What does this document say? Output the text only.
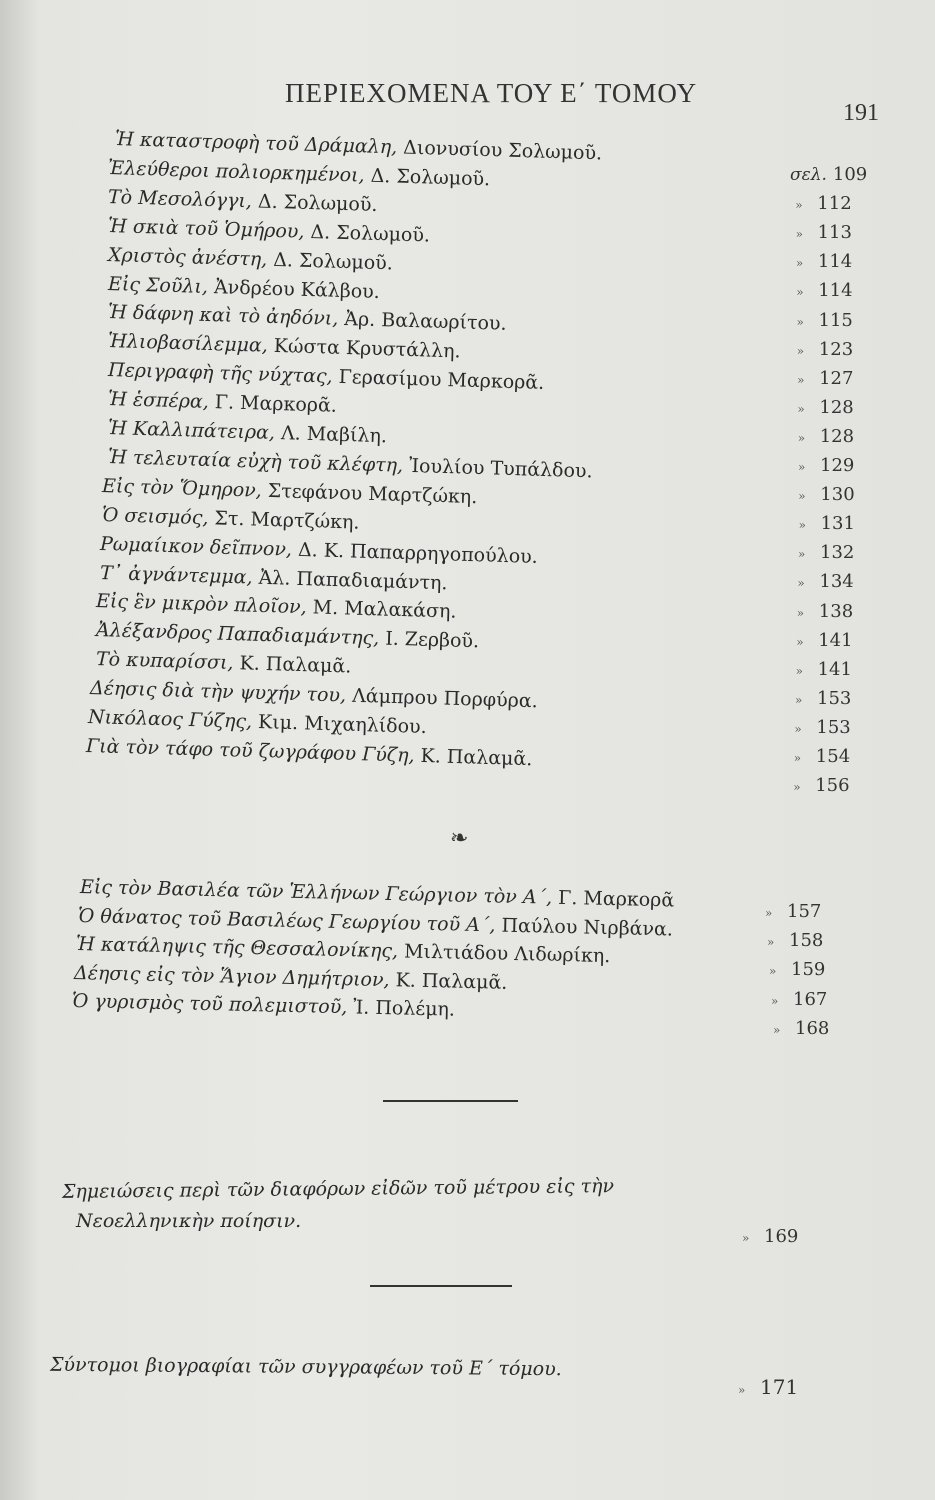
ΠΕΡΙΕΧΟΜΕΝΑ ΤΟΥ Ε΄ ΤΟΜΟΥ
191
Ἡ καταστροφὴ τοῦ Δράμαλη, Διονυσίου Σολωμοῦ.
σελ. 109
Ἐλεύθεροι πολιορκημένοι, Δ. Σολωμοῦ.
» 112
Τὸ Μεσολόγγι, Δ. Σολωμοῦ.
» 113
Ἡ σκιὰ τοῦ Ὁμήρου, Δ. Σολωμοῦ.
» 114
Χριστὸς ἀνέστη, Δ. Σολωμοῦ.
» 114
Εἰς Σοῦλι, Ἀνδρέου Κάλβου.
» 115
Ἡ δάφνη καὶ τὸ ἀηδόνι, Ἀρ. Βαλαωρίτου.
» 123
Ἡλιοβασίλεμμα, Κώστα Κρυστάλλη.
» 127
Περιγραφὴ τῆς νύχτας, Γερασίμου Μαρκορᾶ.
» 128
Ἡ ἑσπέρα, Γ. Μαρκορᾶ.
» 128
Ἡ Καλλιπάτειρα, Λ. Μαβίλη.
» 129
Ἡ τελευταία εὐχὴ τοῦ κλέφτη, Ἰουλίου Τυπάλδου.
» 130
Εἰς τὸν Ὅμηρον, Στεφάνου Μαρτζώκη.
» 131
Ὁ σεισμός, Στ. Μαρτζώκη.
» 132
Ρωμαίικον δεῖπνον, Δ. Κ. Παπαρρηγοπούλου.
» 134
Τ᾽ ἀγνάντεμμα, Ἀλ. Παπαδιαμάντη.
» 138
Εἰς ἓν μικρὸν πλοῖον, Μ. Μαλακάση.
» 141
Ἀλέξανδρος Παπαδιαμάντης, Ι. Ζερβοῦ.
» 141
Τὸ κυπαρίσσι, Κ. Παλαμᾶ.
» 153
Δέησις διὰ τὴν ψυχήν του, Λάμπρου Πορφύρα.
» 153
Νικόλαος Γύζης, Κιμ. Μιχαηλίδου.
» 154
Γιὰ τὸν τάφο τοῦ ζωγράφου Γύζη, Κ. Παλαμᾶ.
» 156
Εἰς τὸν Βασιλέα τῶν Ἑλλήνων Γεώργιον τὸν Α΄, Γ. Μαρκορᾶ
» 157
Ὁ θάνατος τοῦ Βασιλέως Γεωργίου τοῦ Α΄, Παύλου Νιρβάνα.
» 158
Ἡ κατάληψις τῆς Θεσσαλονίκης, Μιλτιάδου Λιδωρίκη.
» 159
Δέησις εἰς τὸν Ἅγιον Δημήτριον, Κ. Παλαμᾶ.
» 167
Ὁ γυρισμὸς τοῦ πολεμιστοῦ, Ἰ. Πολέμη.
» 168
❧
Σημειώσεις περὶ τῶν διαφόρων εἰδῶν τοῦ μέτρου εἰς τὴν
Νεοελληνικὴν ποίησιν.
» 169
Σύντομοι βιογραφίαι τῶν συγγραφέων τοῦ Ε΄ τόμου.
» 171
